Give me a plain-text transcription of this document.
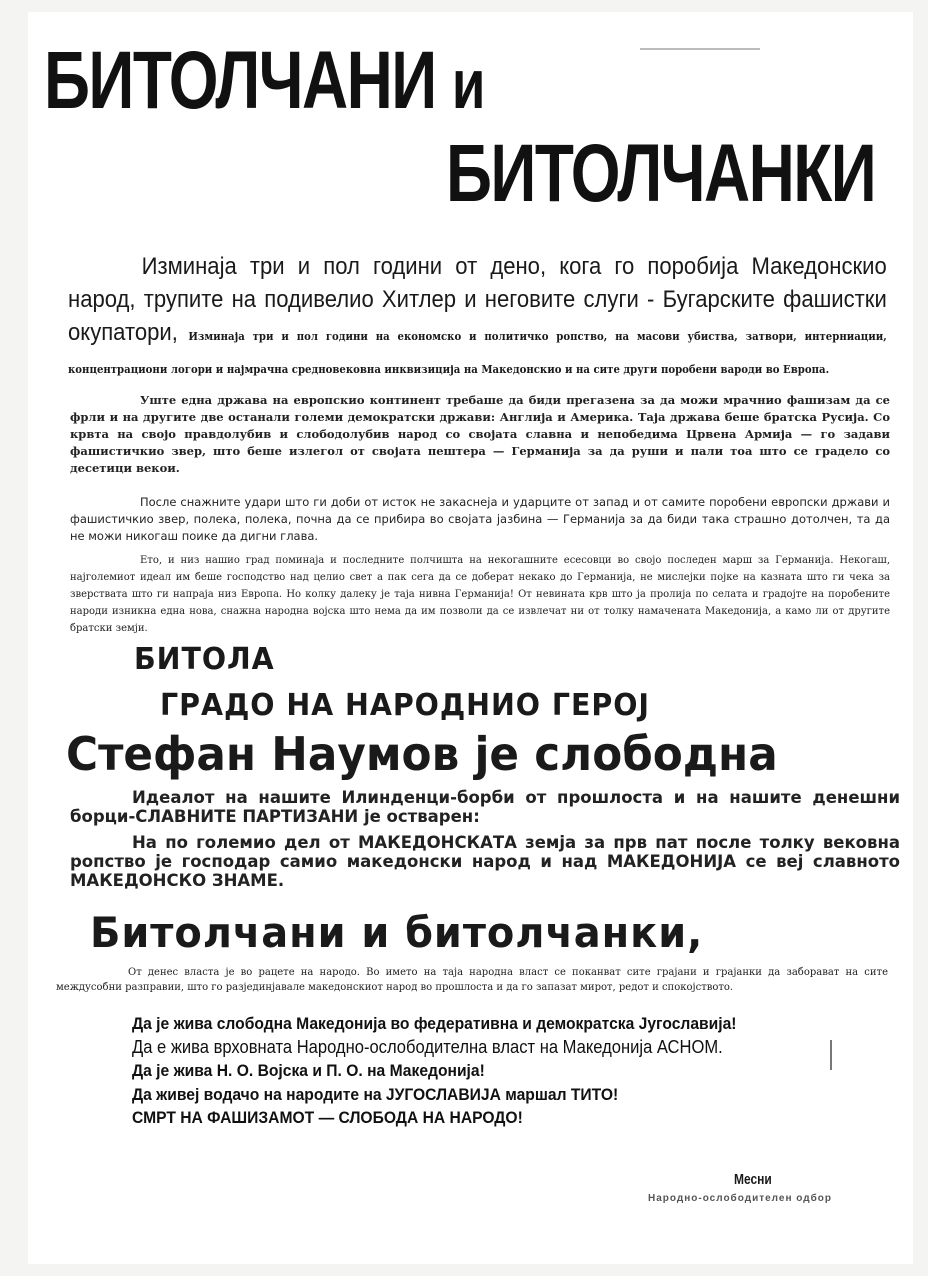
БИТОЛЧАНИ и
БИТОЛЧАНКИ
Изминаја три и пол години от дено, кога го поробија Македонскио народ, трупите на подивелио Хитлер и неговите слуги - Бугарските фашистки окупатори, Изминаја три и пол години на економско и политичко ропство, на масови убиства, затвори, интерниации, концентрациони логори и најмрачна средновековна инквизиција на Македонскио и на сите други поробени вароди во Европа.
Уште една држава на европскио континент требаше да биди прегазена за да можи мрачнио фашизам да се фрли и на другите две останали големи демократски држави: Англија и Америка. Таја држава беше братска Русија. Со крвта на својо правдолубив и слободолубив народ со својата славна и непобедима Црвена Армија — го задави фашистичкио звер, што беше излегол от својата пештера — Германија за да руши и пали тоа што се градело со десетици векои.
После снажните удари што ги доби от исток не закаснеја и ударците от запад и от самите поробени европски држави и фашистичкио звер, полека, полека, почна да се прибира во својата јазбина — Германија за да биди така страшно дотолчен, та да не можи никогаш поике да дигни глава.
Ето, и низ нашио град поминаја и последните полчишта на некогашните есесовци во својо последен марш за Германија. Некогаш, најголемиот идеал им беше господство над целио свет а пак сега да се доберат некако до Германија, не мислејки појке на казната што ги чека за зверствата што ги напраја низ Европа. Но колку далеку је таја нивна Германија! От невината крв што ја пролија по селата и градојте на поробените народи изникна една нова, снажна народна војска што нема да им позволи да се извлечат ни от толку намачената Македонија, а камо ли от другите братски земји.
БИТОЛА
ГРАДО НА НАРОДНИО ГЕРОЈ
Стефан Наумов је слободна
Идеалот на нашите Илинденци-борби от прошлоста и на нашите денешни борци-СЛАВНИТЕ ПАРТИЗАНИ је остварен:
На по големио дел от МАКЕДОНСКАТА земја за прв пат после толку вековна ропство је господар самио македонски народ и над МАКЕДОНИЈА се веј славното МАКЕДОНСКО ЗНАМЕ.
Битолчани и битолчанки,
От денес власта је во рацете на народо. Во името на таја народна власт се поканват сите грајани и грајанки да заборават на сите междусобни разправии, што го разјединјавале македонскиот народ во прошлоста и да го запазат мирот, редот и спокојството.
Да је жива слободна Македонија во федеративна и демократска Југославија!
Да е жива врховната Народно-ослободителна власт на Македонија АСНОМ.
Да је жива Н. О. Војска и П. О. на Македонија!
Да живеј водачо на народите на ЈУГОСЛАВИЈА маршал ТИТО!
СМРТ НА ФАШИЗАМОТ — СЛОБОДА НА НАРОДО!
Месни
Народно-ослободителен одбор
